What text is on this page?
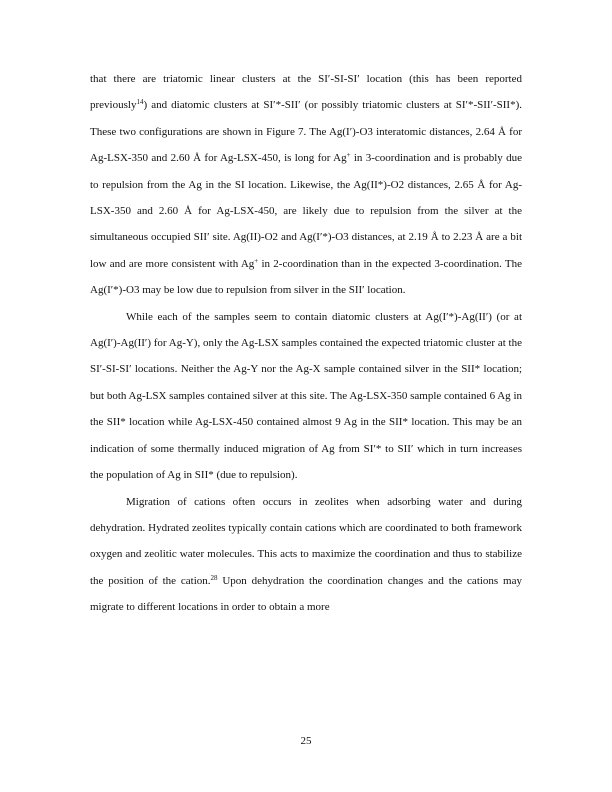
that there are triatomic linear clusters at the SI′-SI-SI′ location (this has been reported previously$^{14}$) and diatomic clusters at SI′*-SII′ (or possibly triatomic clusters at SI′*-SII′-SII*). These two configurations are shown in Figure 7. The Ag(I′)-O3 interatomic distances, 2.64 Å for Ag-LSX-350 and 2.60 Å for Ag-LSX-450, is long for Ag+ in 3-coordination and is probably due to repulsion from the Ag in the SI location. Likewise, the Ag(II*)-O2 distances, 2.65 Å for Ag-LSX-350 and 2.60 Å for Ag-LSX-450, are likely due to repulsion from the silver at the simultaneous occupied SII′ site. Ag(II)-O2 and Ag(I′*)-O3 distances, at 2.19 Å to 2.23 Å are a bit low and are more consistent with Ag+ in 2-coordination than in the expected 3-coordination. The Ag(I′*)-O3 may be low due to repulsion from silver in the SII′ location.

While each of the samples seem to contain diatomic clusters at Ag(I′*)-Ag(II′) (or at Ag(I′)-Ag(II′) for Ag-Y), only the Ag-LSX samples contained the expected triatomic cluster at the SI′-SI-SI′ locations. Neither the Ag-Y nor the Ag-X sample contained silver in the SII* location; but both Ag-LSX samples contained silver at this site. The Ag-LSX-350 sample contained 6 Ag in the SII* location while Ag-LSX-450 contained almost 9 Ag in the SII* location. This may be an indication of some thermally induced migration of Ag from SI′* to SII′ which in turn increases the population of Ag in SII* (due to repulsion).

Migration of cations often occurs in zeolites when adsorbing water and during dehydration. Hydrated zeolites typically contain cations which are coordinated to both framework oxygen and zeolitic water molecules. This acts to maximize the coordination and thus to stabilize the position of the cation.$^{28}$ Upon dehydration the coordination changes and the cations may migrate to different locations in order to obtain a more

25
